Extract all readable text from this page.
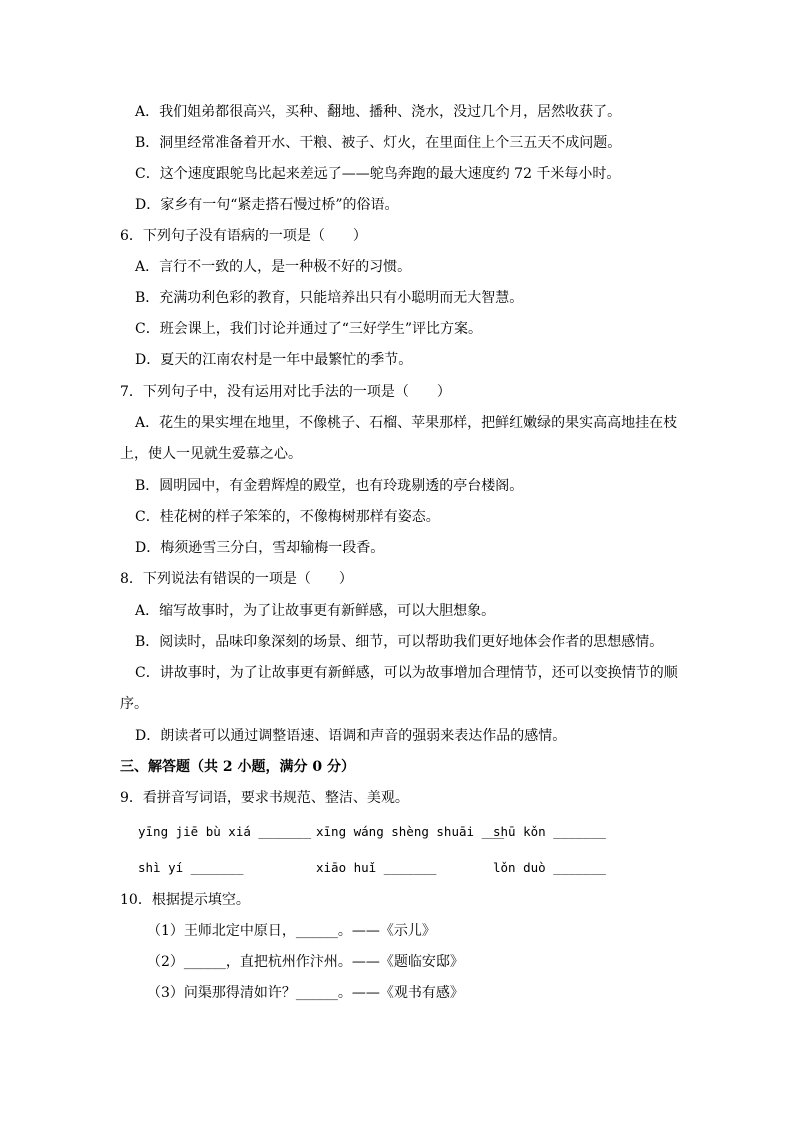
A．我们姐弟都很高兴，买种、翻地、播种、浇水，没过几个月，居然收获了。
B．洞里经常准备着开水、干粮、被子、灯火，在里面住上个三五天不成问题。
C．这个速度跟鸵鸟比起来差远了——鸵鸟奔跑的最大速度约 72 千米每小时。
D．家乡有一句“紧走搭石慢过桥”的俗语。
6．下列句子没有语病的一项是（　　）
A．言行不一致的人，是一种极不好的习惯。
B．充满功利色彩的教育，只能培养出只有小聪明而无大智慧。
C．班会课上，我们讨论并通过了“三好学生”评比方案。
D．夏天的江南农村是一年中最繁忙的季节。
7．下列句子中，没有运用对比手法的一项是（　　）
A．花生的果实埋在地里，不像桃子、石榴、苹果那样，把鲜红嫩绿的果实高高地挂在枝
上，使人一见就生爱慕之心。
B．圆明园中，有金碧辉煌的殿堂，也有玲珑剔透的亭台楼阁。
C．桂花树的样子笨笨的，不像梅树那样有姿态。
D．梅须逊雪三分白，雪却输梅一段香。
8．下列说法有错误的一项是（　　）
A．缩写故事时，为了让故事更有新鲜感，可以大胆想象。
B．阅读时，品味印象深刻的场景、细节，可以帮助我们更好地体会作者的思想感情。
C．讲故事时，为了让故事更有新鲜感，可以为故事增加合理情节，还可以变换情节的顺
序。
D．朗读者可以通过调整语速、语调和声音的强弱来表达作品的感情。
三、解答题（共 2 小题，满分 0 分）
9．看拼音写词语，要求书规范、整洁、美观。
yīng jiē bù xiá _______ xīng wáng shèng shuāi ___
shū kǒn _______
shì yí _______	xiāo huǐ _______	lǒn duò _______
10．根据提示填空。
（1）王师北定中原日，______。——《示儿》
（2）______，直把杭州作汴州。——《题临安邸》
（3）问渠那得清如许？______。——《观书有感》
